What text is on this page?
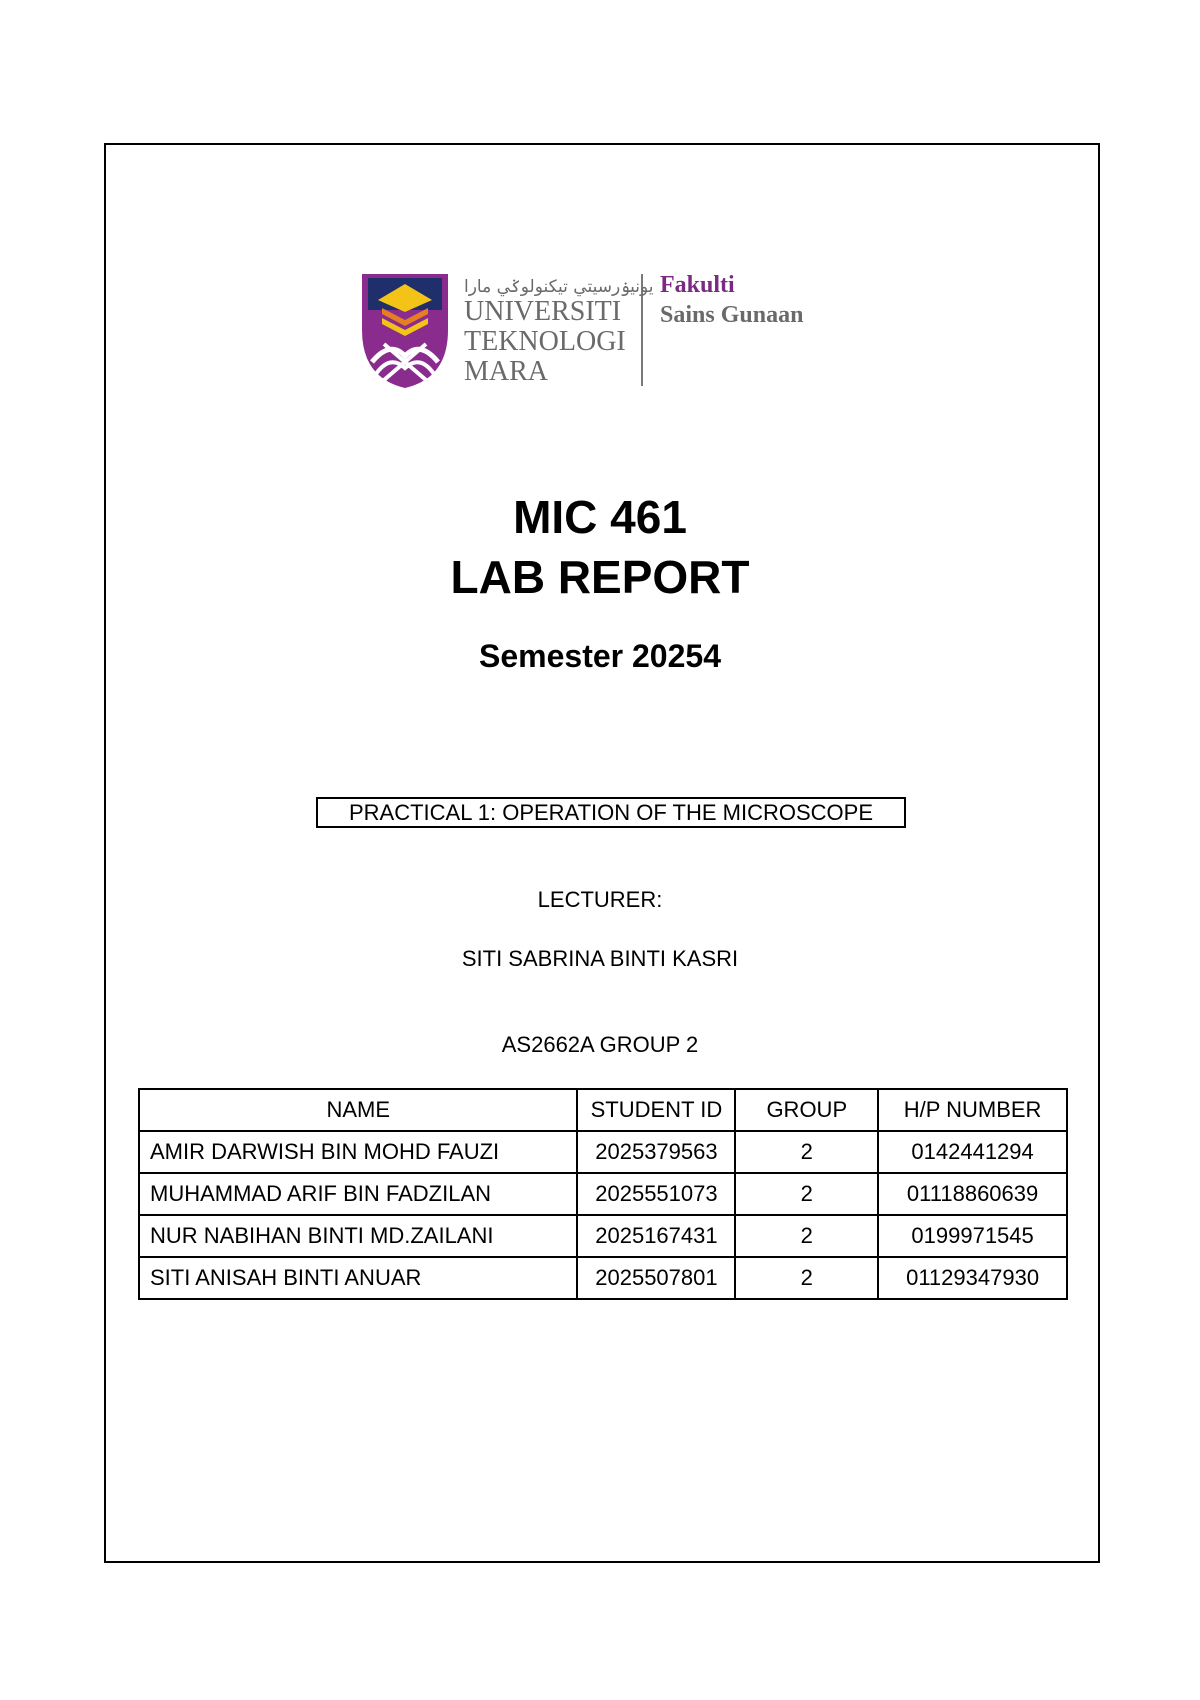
يونيۏرسيتي تيكنولوݢي مارا
UNIVERSITI
TEKNOLOGI
MARA
Fakulti
Sains Gunaan
MIC 461
LAB REPORT
Semester 20254
PRACTICAL 1: OPERATION OF THE MICROSCOPE
LECTURER:
SITI SABRINA BINTI KASRI
AS2662A GROUP 2
NAME	STUDENT ID	GROUP	H/P NUMBER
AMIR DARWISH BIN MOHD FAUZI	2025379563	2	0142441294
MUHAMMAD ARIF BIN FADZILAN	2025551073	2	01118860639
NUR NABIHAN BINTI MD.ZAILANI	2025167431	2	0199971545
SITI ANISAH BINTI ANUAR	2025507801	2	01129347930
